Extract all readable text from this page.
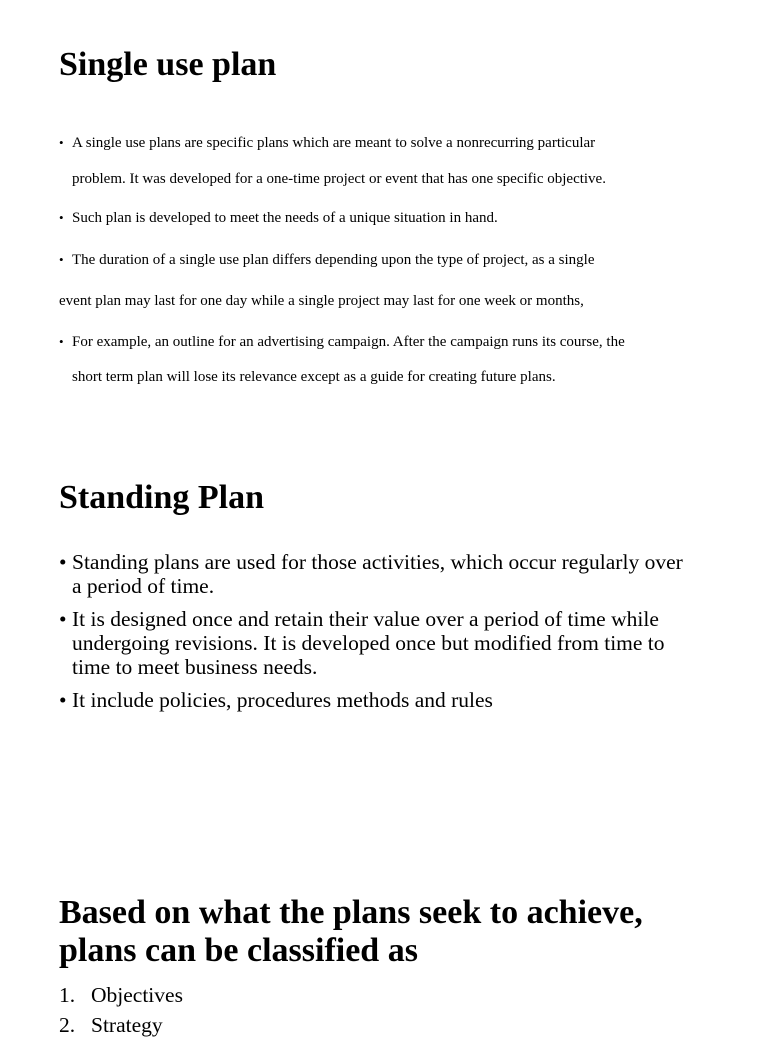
Single use plan
• A single use plans are specific plans which are meant to solve a nonrecurring particular

problem. It was developed for a one-time project or event that has one specific objective.

• Such plan is developed to meet the needs of a unique situation in hand.

• The duration of a single use plan differs depending upon the type of project, as a single

event plan may last for one day while a single project may last for one week or months,

• For example, an outline for an advertising campaign. After the campaign runs its course, the

short term plan will lose its relevance except as a guide for creating future plans.

Standing Plan
• Standing plans are used for those activities, which occur regularly over

a period of time.

• It is designed once and retain their value over a period of time while

undergoing revisions. It is developed once but modified from time to

time to meet business needs.

• It include policies, procedures methods and rules

Based on what the plans seek to achieve,
plans can be classified as
1. Objectives
2. Strategy
